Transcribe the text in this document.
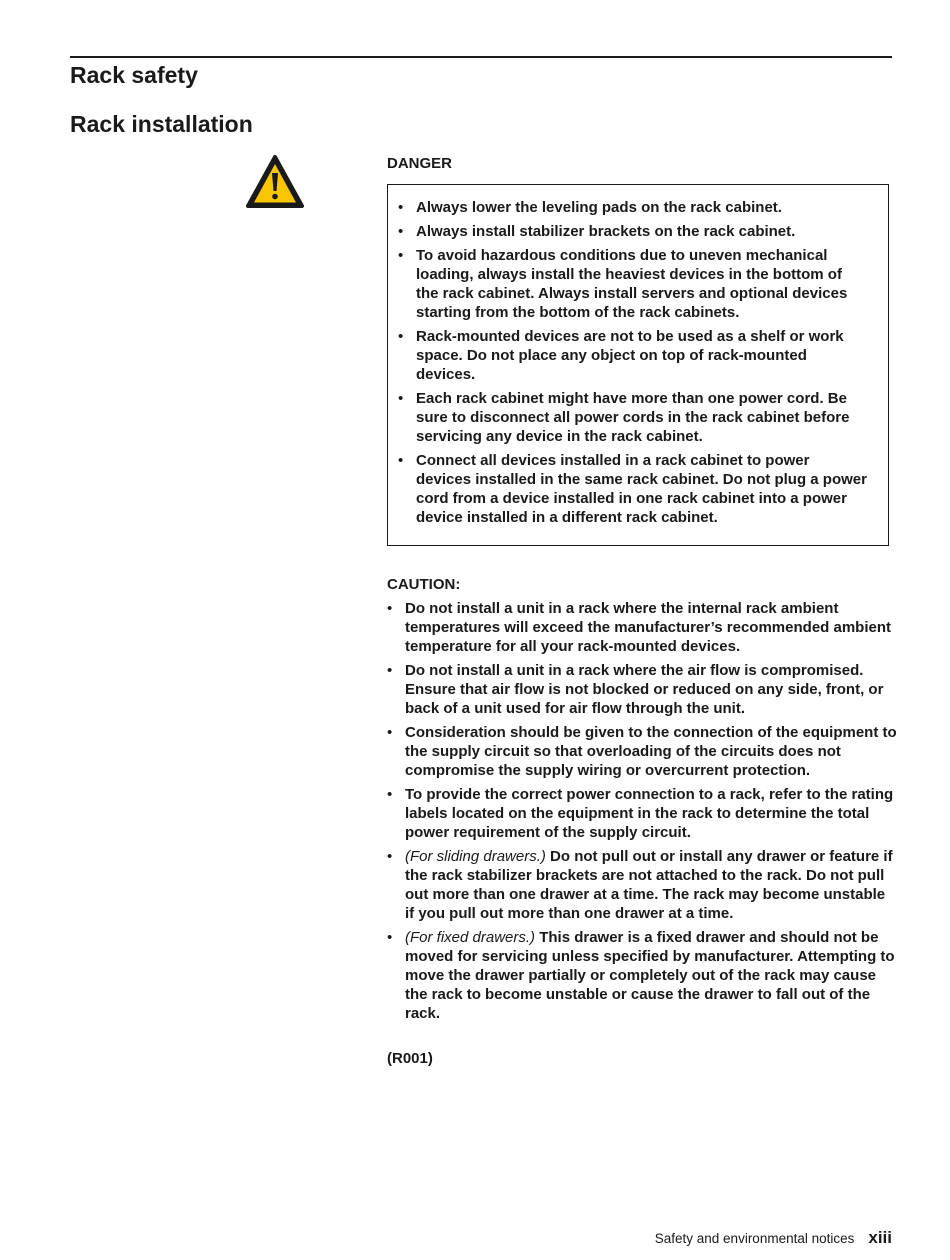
Rack safety
Rack installation
DANGER
• Always lower the leveling pads on the rack cabinet.
• Always install stabilizer brackets on the rack cabinet.
• To avoid hazardous conditions due to uneven mechanical loading, always install the heaviest devices in the bottom of the rack cabinet. Always install servers and optional devices starting from the bottom of the rack cabinets.
• Rack-mounted devices are not to be used as a shelf or work space. Do not place any object on top of rack-mounted devices.
• Each rack cabinet might have more than one power cord. Be sure to disconnect all power cords in the rack cabinet before servicing any device in the rack cabinet.
• Connect all devices installed in a rack cabinet to power devices installed in the same rack cabinet. Do not plug a power cord from a device installed in one rack cabinet into a power device installed in a different rack cabinet.
CAUTION:
• Do not install a unit in a rack where the internal rack ambient temperatures will exceed the manufacturer’s recommended ambient temperature for all your rack-mounted devices.
• Do not install a unit in a rack where the air flow is compromised. Ensure that air flow is not blocked or reduced on any side, front, or back of a unit used for air flow through the unit.
• Consideration should be given to the connection of the equipment to the supply circuit so that overloading of the circuits does not compromise the supply wiring or overcurrent protection.
• To provide the correct power connection to a rack, refer to the rating labels located on the equipment in the rack to determine the total power requirement of the supply circuit.
• (For sliding drawers.) Do not pull out or install any drawer or feature if the rack stabilizer brackets are not attached to the rack. Do not pull out more than one drawer at a time. The rack may become unstable if you pull out more than one drawer at a time.
• (For fixed drawers.) This drawer is a fixed drawer and should not be moved for servicing unless specified by manufacturer. Attempting to move the drawer partially or completely out of the rack may cause the rack to become unstable or cause the drawer to fall out of the rack.
(R001)
Safety and environmental notices xiii
